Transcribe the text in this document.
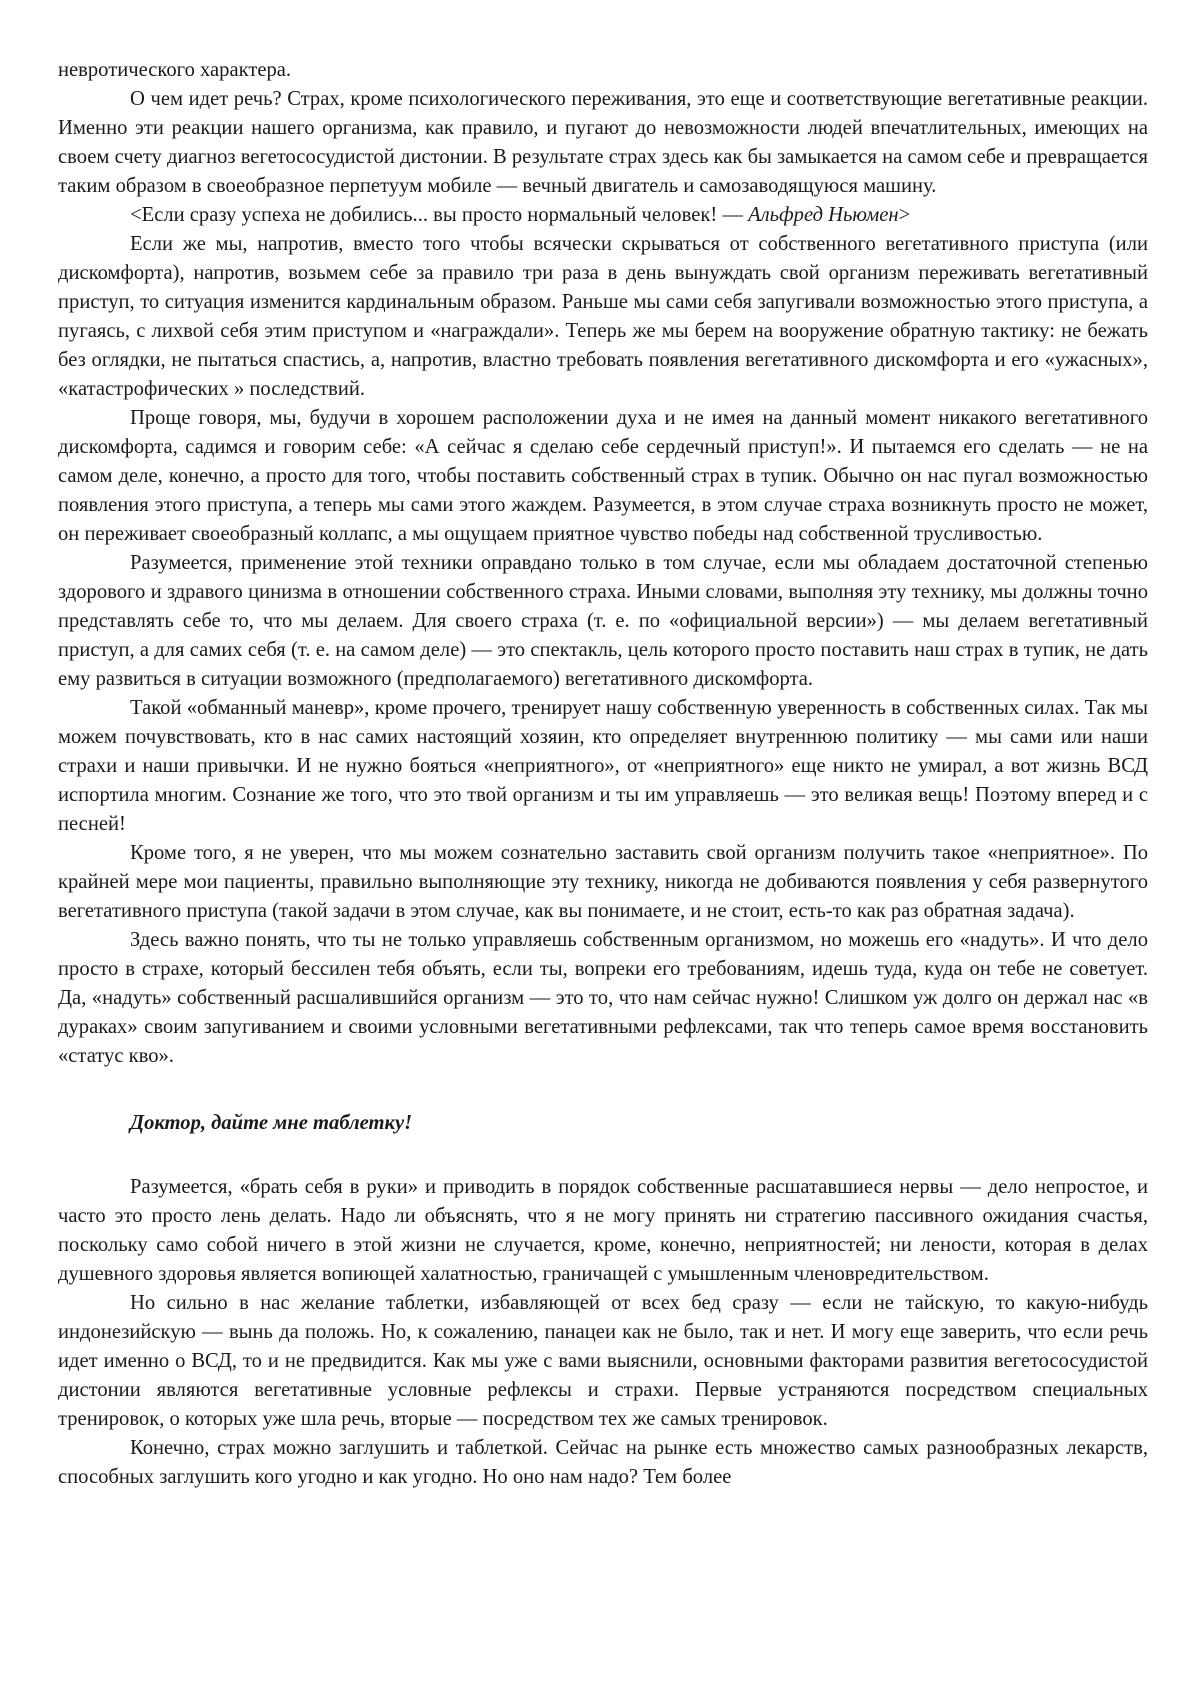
невротического характера.

О чем идет речь? Страх, кроме психологического переживания, это еще и соответствующие вегетативные реакции. Именно эти реакции нашего организма, как правило, и пугают до невозможности людей впечатлительных, имеющих на своем счету диагноз вегетососудистой дистонии. В результате страх здесь как бы замыкается на самом себе и превращается таким образом в своеобразное перпетуум мобиле — вечный двигатель и самозаводящуюся машину.

<Если сразу успеха не добились... вы просто нормальный человек! — Альфред Ньюмен>

Если же мы, напротив, вместо того чтобы всячески скрываться от собственного вегетативного приступа (или дискомфорта), напротив, возьмем себе за правило три раза в день вынуждать свой организм переживать вегетативный приступ, то ситуация изменится кардинальным образом. Раньше мы сами себя запугивали возможностью этого приступа, а пугаясь, с лихвой себя этим приступом и «награждали». Теперь же мы берем на вооружение обратную тактику: не бежать без оглядки, не пытаться спастись, а, напротив, властно требовать появления вегетативного дискомфорта и его «ужасных», «катастрофических » последствий.

Проще говоря, мы, будучи в хорошем расположении духа и не имея на данный момент никакого вегетативного дискомфорта, садимся и говорим себе: «А сейчас я сделаю себе сердечный приступ!». И пытаемся его сделать — не на самом деле, конечно, а просто для того, чтобы поставить собственный страх в тупик. Обычно он нас пугал возможностью появления этого приступа, а теперь мы сами этого жаждем. Разумеется, в этом случае страха возникнуть просто не может, он переживает своеобразный коллапс, а мы ощущаем приятное чувство победы над собственной трусливостью.

Разумеется, применение этой техники оправдано только в том случае, если мы обладаем достаточной степенью здорового и здравого цинизма в отношении собственного страха. Иными словами, выполняя эту технику, мы должны точно представлять себе то, что мы делаем. Для своего страха (т. е. по «официальной версии») — мы делаем вегетативный приступ, а для самих себя (т. е. на самом деле) — это спектакль, цель которого просто поставить наш страх в тупик, не дать ему развиться в ситуации возможного (предполагаемого) вегетативного дискомфорта.

Такой «обманный маневр», кроме прочего, тренирует нашу собственную уверенность в собственных силах. Так мы можем почувствовать, кто в нас самих настоящий хозяин, кто определяет внутреннюю политику — мы сами или наши страхи и наши привычки. И не нужно бояться «неприятного», от «неприятного» еще никто не умирал, а вот жизнь ВСД испортила многим. Сознание же того, что это твой организм и ты им управляешь — это великая вещь! Поэтому вперед и с песней!

Кроме того, я не уверен, что мы можем сознательно заставить свой организм получить такое «неприятное». По крайней мере мои пациенты, правильно выполняющие эту технику, никогда не добиваются появления у себя развернутого вегетативного приступа (такой задачи в этом случае, как вы понимаете, и не стоит, есть-то как раз обратная задача).

Здесь важно понять, что ты не только управляешь собственным организмом, но можешь его «надуть». И что дело просто в страхе, который бессилен тебя объять, если ты, вопреки его требованиям, идешь туда, куда он тебе не советует. Да, «надуть» собственный расшалившийся организм — это то, что нам сейчас нужно! Слишком уж долго он держал нас «в дураках» своим запугиванием и своими условными вегетативными рефлексами, так что теперь самое время восстановить «статус кво».

Доктор, дайте мне таблетку!

Разумеется, «брать себя в руки» и приводить в порядок собственные расшатавшиеся нервы — дело непростое, и часто это просто лень делать. Надо ли объяснять, что я не могу принять ни стратегию пассивного ожидания счастья, поскольку само собой ничего в этой жизни не случается, кроме, конечно, неприятностей; ни лености, которая в делах душевного здоровья является вопиющей халатностью, граничащей с умышленным членовредительством.

Но сильно в нас желание таблетки, избавляющей от всех бед сразу — если не тайскую, то какую-нибудь индонезийскую — вынь да положь. Но, к сожалению, панацеи как не было, так и нет. И могу еще заверить, что если речь идет именно о ВСД, то и не предвидится. Как мы уже с вами выяснили, основными факторами развития вегетососудистой дистонии являются вегетативные условные рефлексы и страхи. Первые устраняются посредством специальных тренировок, о которых уже шла речь, вторые — посредством тех же самых тренировок.

Конечно, страх можно заглушить и таблеткой. Сейчас на рынке есть множество самых разнообразных лекарств, способных заглушить кого угодно и как угодно. Но оно нам надо? Тем более
